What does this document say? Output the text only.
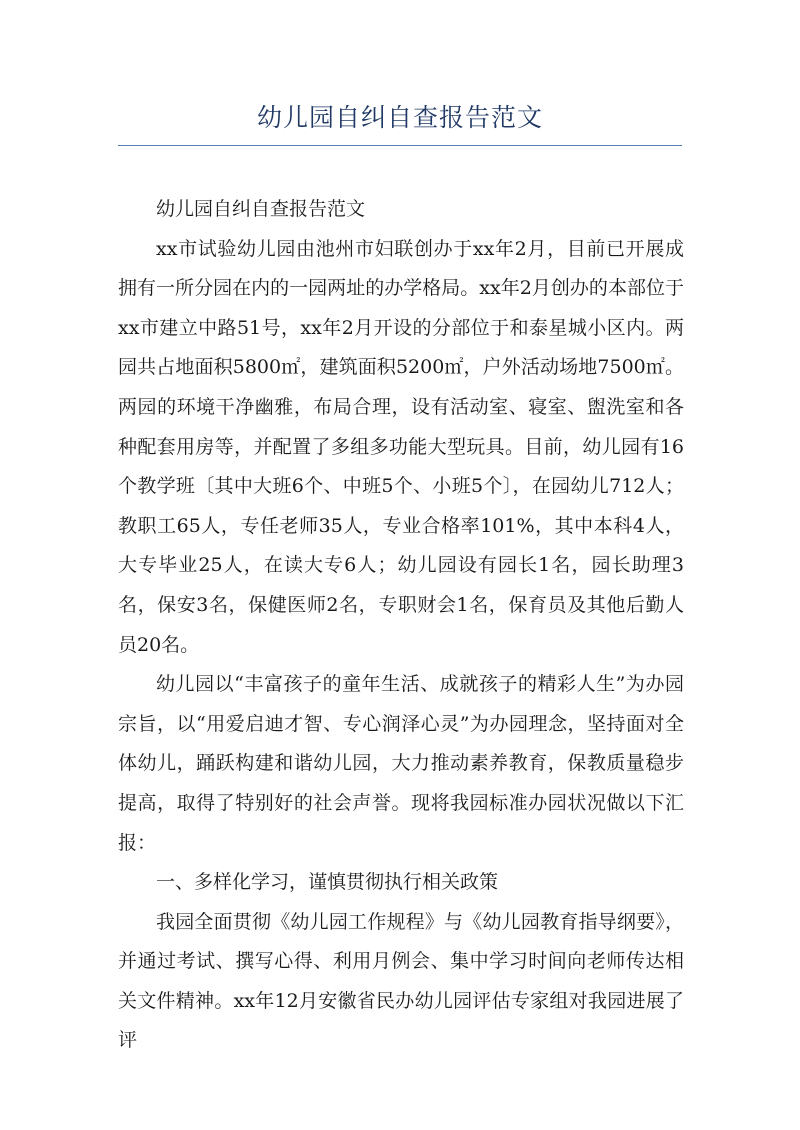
幼儿园自纠自查报告范文

幼儿园自纠自查报告范文

xx市试验幼儿园由池州市妇联创办于xx年2月，目前已开展成拥有一所分园在内的一园两址的办学格局。xx年2月创办的本部位于xx市建立中路51号，xx年2月开设的分部位于和泰星城小区内。两园共占地面积5800㎡，建筑面积5200㎡，户外活动场地7500㎡。两园的环境干净幽雅，布局合理，设有活动室、寝室、盥洗室和各种配套用房等，并配置了多组多功能大型玩具。目前，幼儿园有16个教学班〔其中大班6个、中班5个、小班5个〕，在园幼儿712人；教职工65人，专任老师35人，专业合格率101%，其中本科4人，大专毕业25人，在读大专6人；幼儿园设有园长1名，园长助理3名，保安3名，保健医师2名，专职财会1名，保育员及其他后勤人员20名。

幼儿园以“丰富孩子的童年生活、成就孩子的精彩人生”为办园宗旨，以“用爱启迪才智、专心润泽心灵”为办园理念，坚持面对全体幼儿，踊跃构建和谐幼儿园，大力推动素养教育，保教质量稳步提高，取得了特别好的社会声誉。现将我园标准办园状况做以下汇报：

一、多样化学习，谨慎贯彻执行相关政策

我园全面贯彻《幼儿园工作规程》与《幼儿园教育指导纲要》，并通过考试、撰写心得、利用月例会、集中学习时间向老师传达相关文件精神。xx年12月安徽省民办幼儿园评估专家组对我园进展了评
